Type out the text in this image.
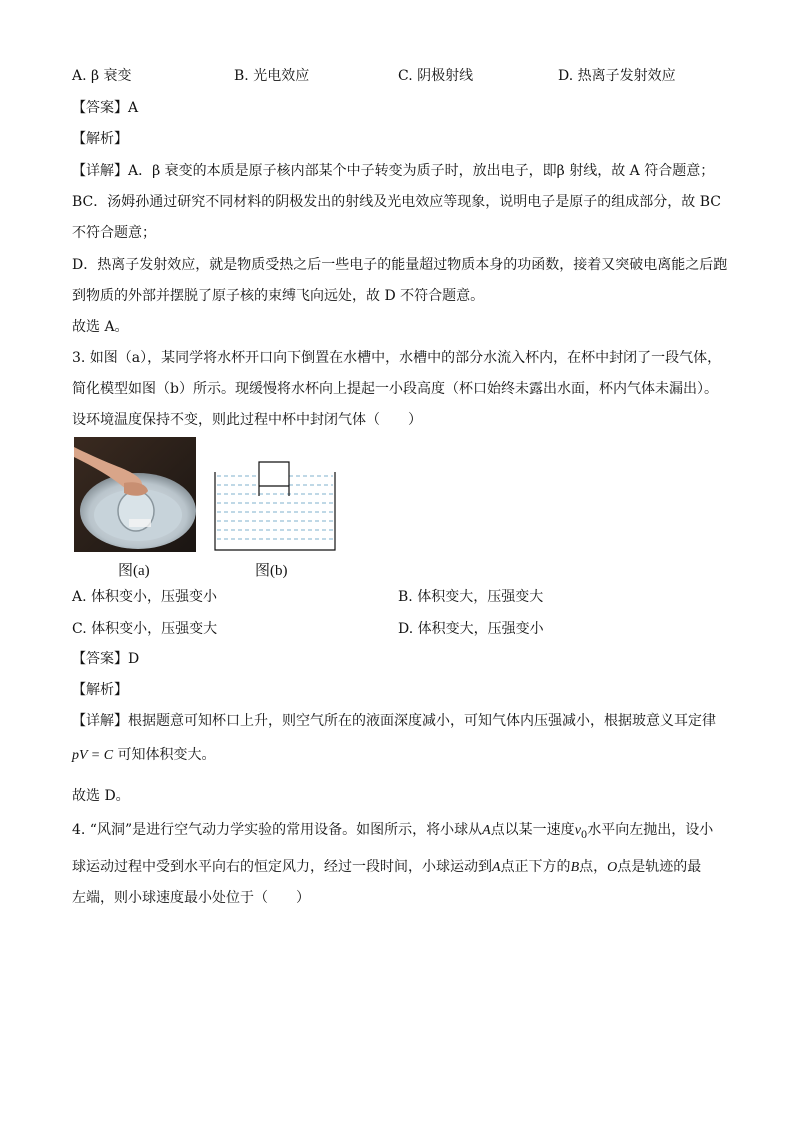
A. β 衰变	B. 光电效应	C. 阴极射线	D. 热离子发射效应
【答案】A
【解析】
【详解】A．β 衰变的本质是原子核内部某个中子转变为质子时，放出电子，即β 射线，故 A 符合题意；
BC．汤姆孙通过研究不同材料的阴极发出的射线及光电效应等现象，说明电子是原子的组成部分，故 BC
不符合题意；
D．热离子发射效应，就是物质受热之后一些电子的能量超过物质本身的功函数，接着又突破电离能之后跑
到物质的外部并摆脱了原子核的束缚飞向远处，故 D 不符合题意。
故选 A。
3. 如图（a），某同学将水杯开口向下倒置在水槽中，水槽中的部分水流入杯内，在杯中封闭了一段气体，
简化模型如图（b）所示。现缓慢将水杯向上提起一小段高度（杯口始终未露出水面，杯内气体未漏出）。
设环境温度保持不变，则此过程中杯中封闭气体（　　）
图(a)	图(b)
A. 体积变小，压强变小	B. 体积变大，压强变大
C. 体积变小，压强变大	D. 体积变大，压强变小
【答案】D
【解析】
【详解】根据题意可知杯口上升，则空气所在的液面深度减小，可知气体内压强减小，根据玻意义耳定律
pV = C 可知体积变大。
故选 D。
4. “风洞”是进行空气动力学实验的常用设备。如图所示，将小球从A点以某一速度$v_0$水平向左抛出，设小
球运动过程中受到水平向右的恒定风力，经过一段时间，小球运动到A点正下方的B点，O点是轨迹的最
左端，则小球速度最小处位于（　　）
